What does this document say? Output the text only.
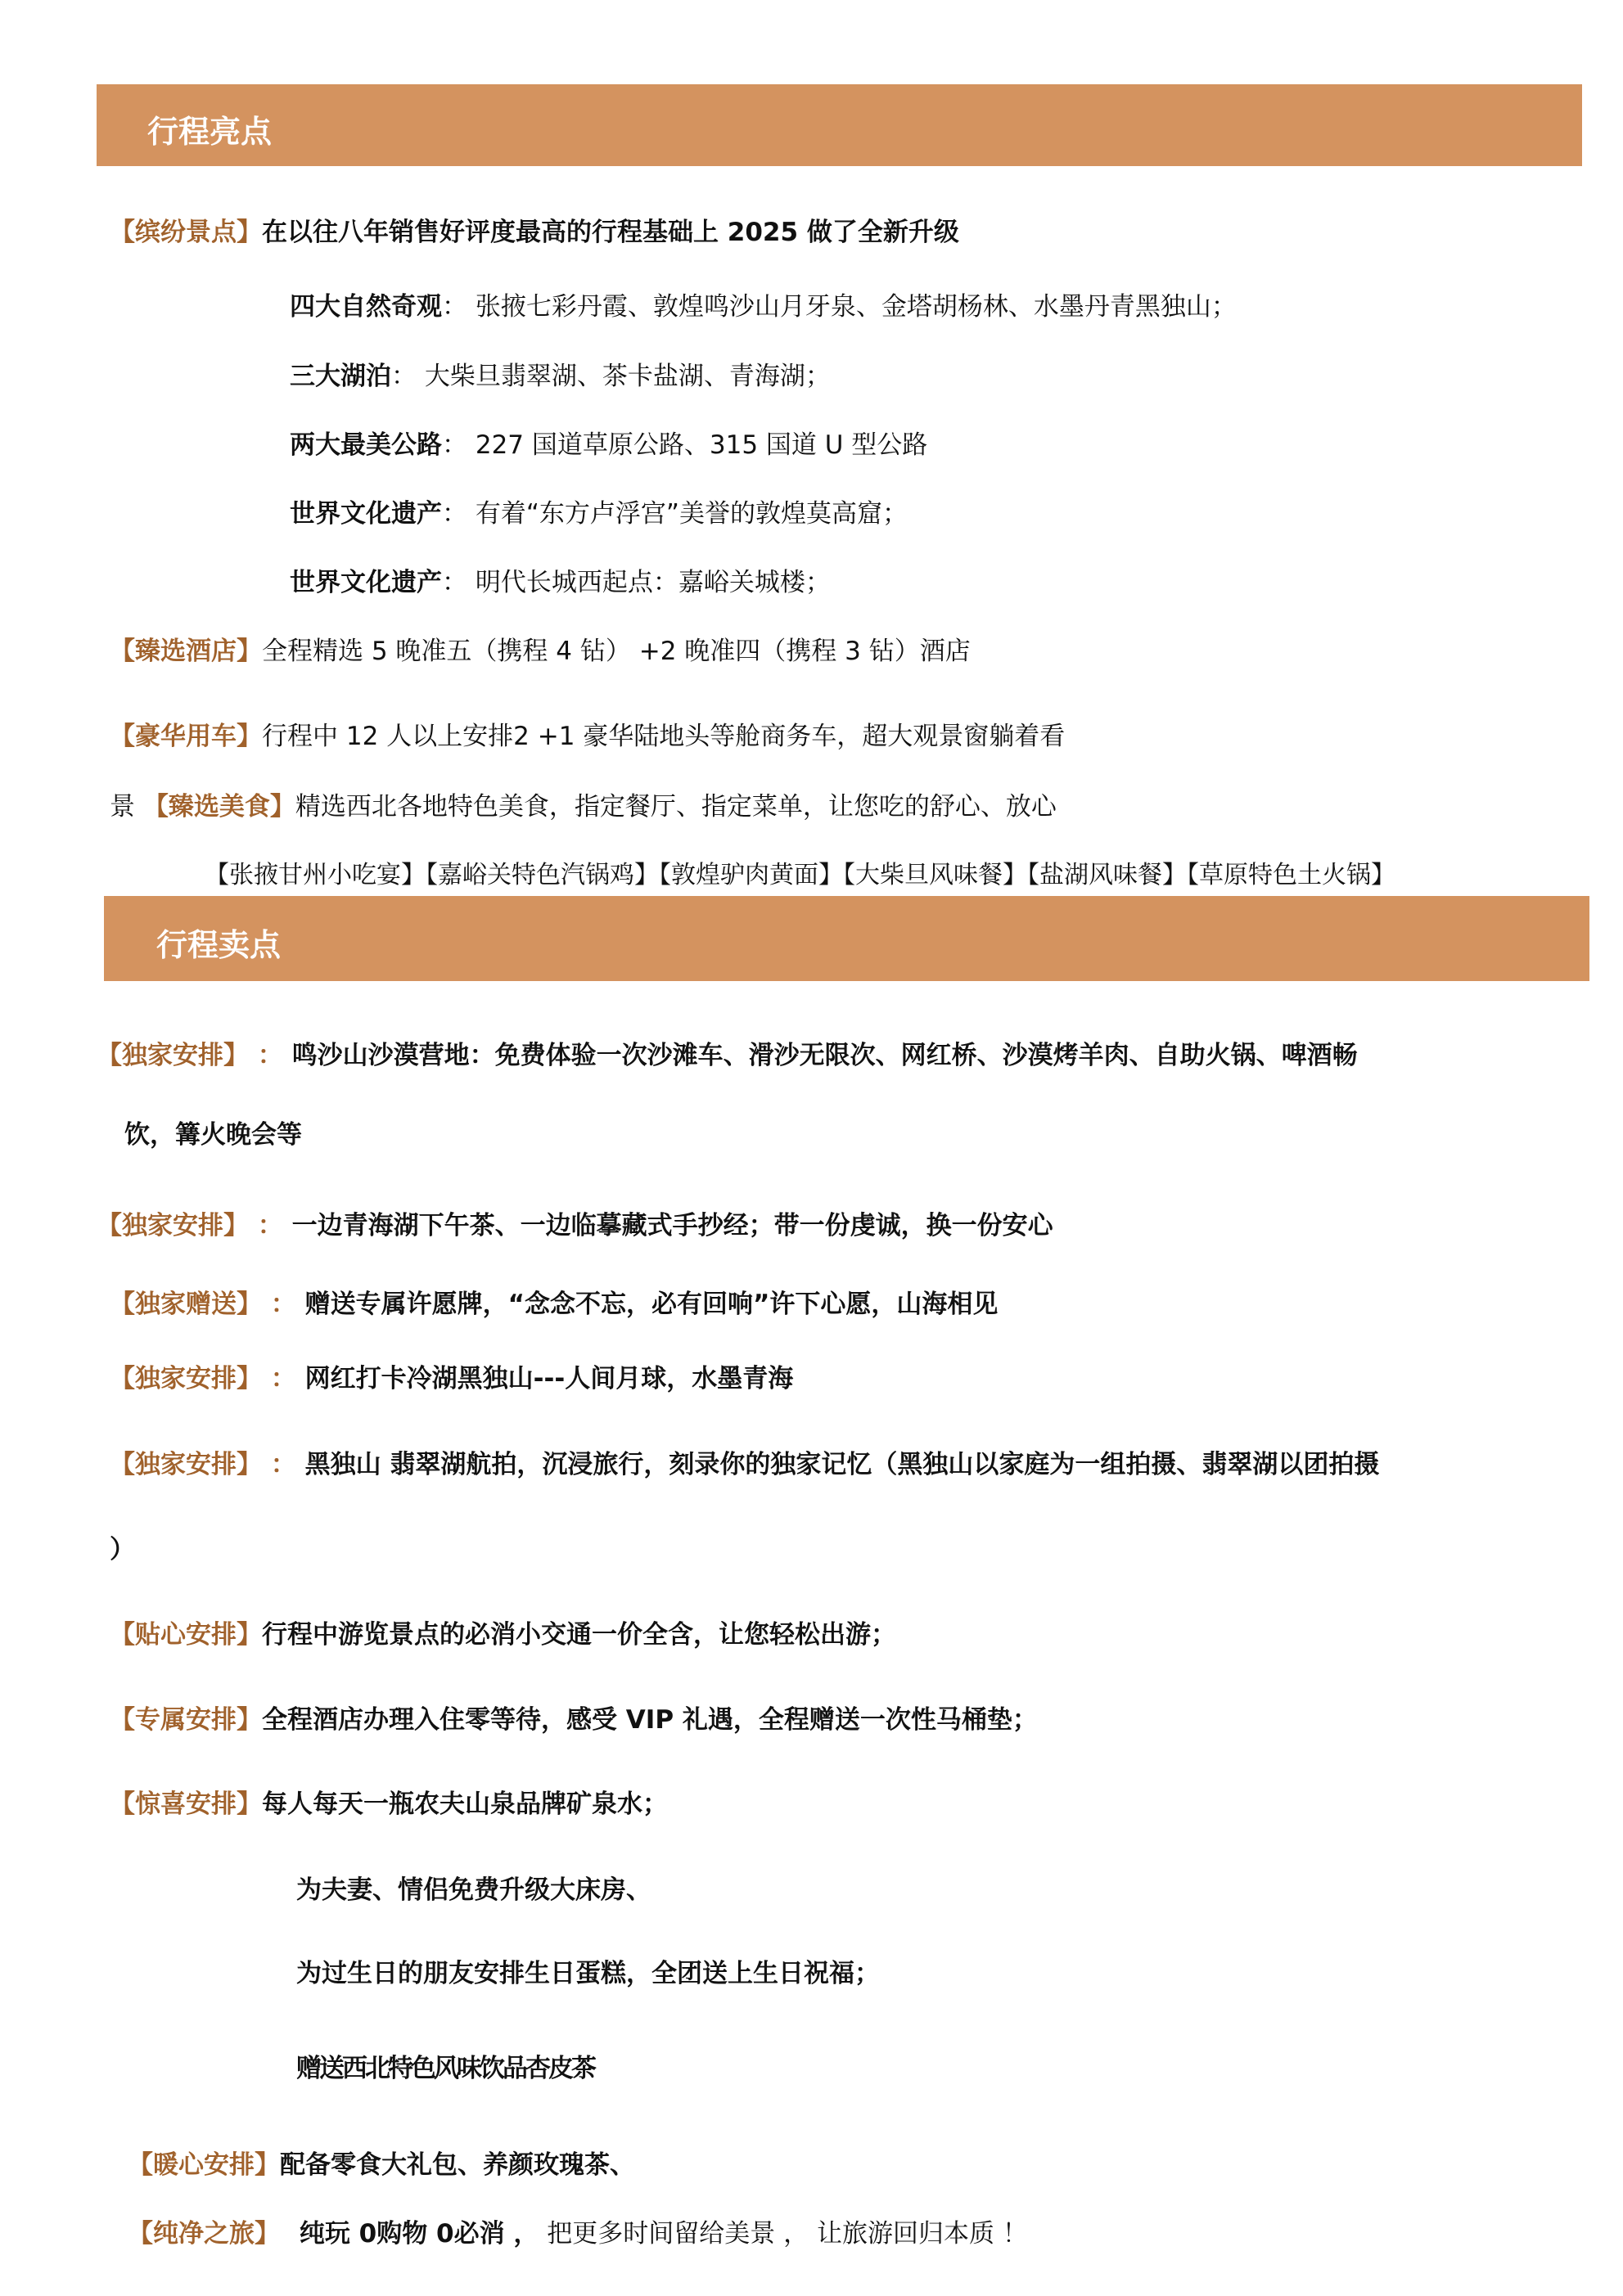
行程亮点
【缤纷景点】在以往八年销售好评度最高的行程基础上 2025 做了全新升级
四大自然奇观： 张掖七彩丹霞、敦煌鸣沙山月牙泉、金塔胡杨林、水墨丹青黑独山；
三大湖泊： 大柴旦翡翠湖、茶卡盐湖、青海湖；
两大最美公路： 227 国道草原公路、315 国道 U 型公路
世界文化遗产： 有着“东方卢浮宫”美誉的敦煌莫高窟；
世界文化遗产： 明代长城西起点：嘉峪关城楼；
【臻选酒店】全程精选 5 晚准五（携程 4 钻） +2 晚准四（携程 3 钻）酒店
【豪华用车】行程中 12 人以上安排2 +1 豪华陆地头等舱商务车，超大观景窗躺着看
景 【臻选美食】精选西北各地特色美食，指定餐厅、指定菜单，让您吃的舒心、放心
【张掖甘州小吃宴】【嘉峪关特色汽锅鸡】【敦煌驴肉黄面】【大柴旦风味餐】【盐湖风味餐】【草原特色土火锅】
行程卖点
【独家安排】 ： 鸣沙山沙漠营地：免费体验一次沙滩车、滑沙无限次、网红桥、沙漠烤羊肉、自助火锅、啤酒畅
饮，篝火晚会等
【独家安排】 ： 一边青海湖下午茶、一边临摹藏式手抄经；带一份虔诚，换一份安心
【独家赠送】 ： 赠送专属许愿牌，“念念不忘，必有回响”许下心愿，山海相见
【独家安排】 ： 网红打卡冷湖黑独山---人间月球，水墨青海
【独家安排】 ： 黑独山 翡翠湖航拍，沉浸旅行，刻录你的独家记忆（黑独山以家庭为一组拍摄、翡翠湖以团拍摄
）
【贴心安排】行程中游览景点的必消小交通一价全含，让您轻松出游；
【专属安排】全程酒店办理入住零等待，感受 VIP 礼遇，全程赠送一次性马桶垫；
【惊喜安排】每人每天一瓶农夫山泉品牌矿泉水；
为夫妻、情侣免费升级大床房、
为过生日的朋友安排生日蛋糕，全团送上生日祝福；
赠送西北特色风味饮品杏皮茶
【暖心安排】配备零食大礼包、养颜玫瑰茶、
【纯净之旅】 纯玩 0购物 0必消 ， 把更多时间留给美景 ， 让旅游回归本质 ！
